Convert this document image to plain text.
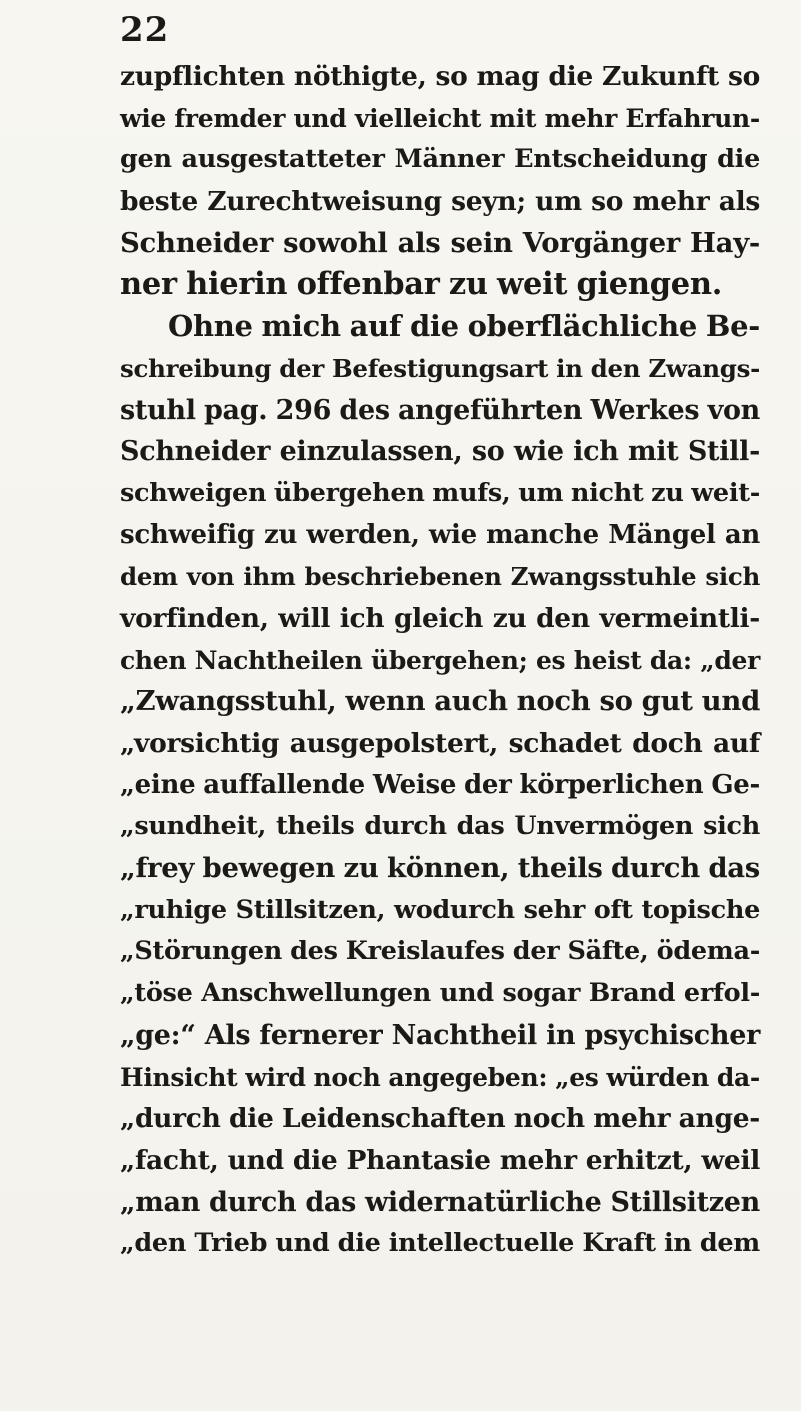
22
zupflichten nöthigte, so mag die Zukunft so
wie fremder und vielleicht mit mehr Erfahrun-
gen ausgestatteter Männer Entscheidung die
beste Zurechtweisung seyn; um so mehr als
Schneider sowohl als sein Vorgänger Hay-
ner hierin offenbar zu weit giengen.
Ohne mich auf die oberflächliche Be-
schreibung der Befestigungsart in den Zwangs-
stuhl pag. 296 des angeführten Werkes von
Schneider einzulassen, so wie ich mit Still-
schweigen übergehen mufs, um nicht zu weit-
schweifig zu werden, wie manche Mängel an
dem von ihm beschriebenen Zwangsstuhle sich
vorfinden, will ich gleich zu den vermeintli-
chen Nachtheilen übergehen; es heist da: „der
„Zwangsstuhl, wenn auch noch so gut und
„vorsichtig ausgepolstert, schadet doch auf
„eine auffallende Weise der körperlichen Ge-
„sundheit, theils durch das Unvermögen sich
„frey bewegen zu können, theils durch das
„ruhige Stillsitzen, wodurch sehr oft topische
„Störungen des Kreislaufes der Säfte, ödema-
„töse Anschwellungen und sogar Brand erfol-
„ge:“ Als fernerer Nachtheil in psychischer
Hinsicht wird noch angegeben: „es würden da-
„durch die Leidenschaften noch mehr ange-
„facht, und die Phantasie mehr erhitzt, weil
„man durch das widernatürliche Stillsitzen
„den Trieb und die intellectuelle Kraft in dem
